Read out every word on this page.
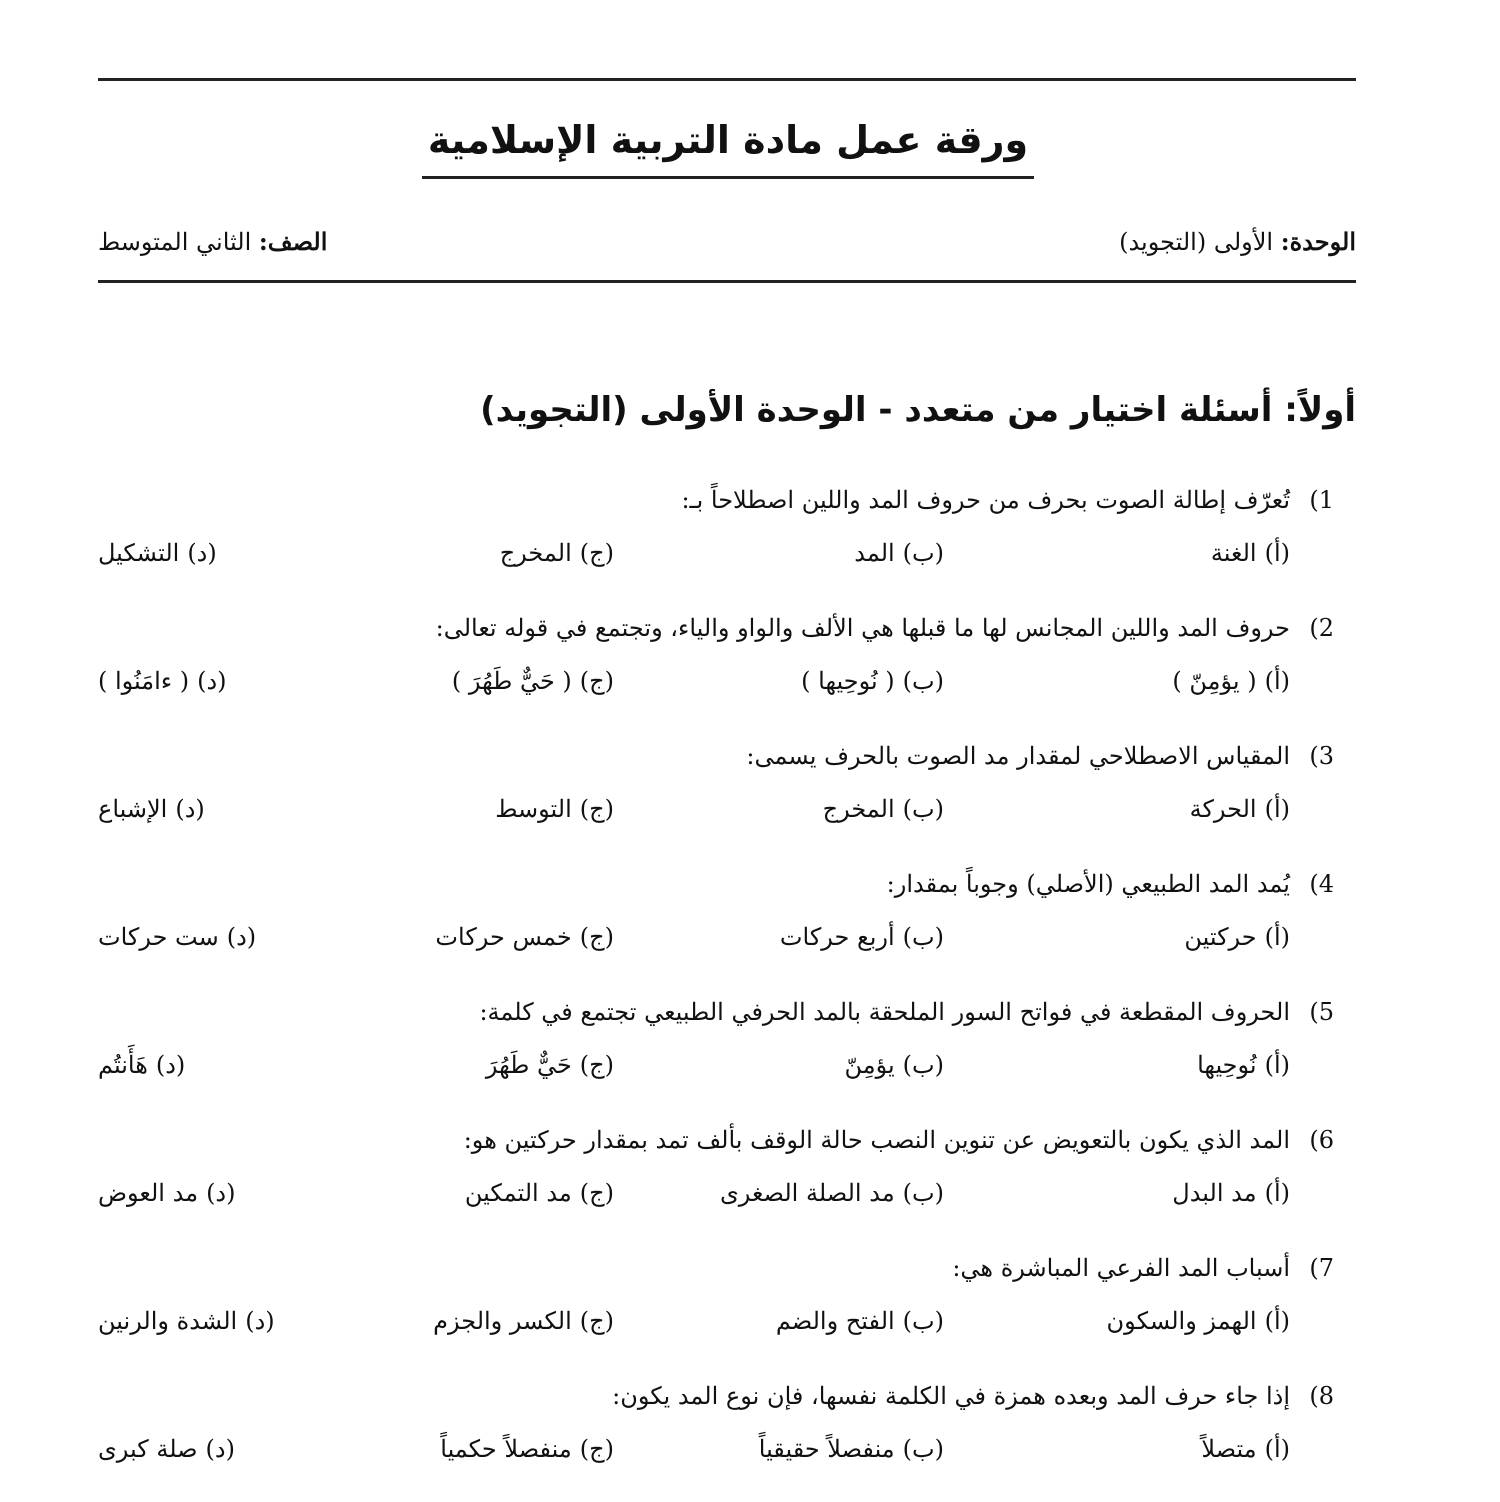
ورقة عمل مادة التربية الإسلامية
الوحدة: الأولى (التجويد)
الصف: الثاني المتوسط
أولاً: أسئلة اختيار من متعدد - الوحدة الأولى (التجويد)
1)تُعرّف إطالة الصوت بحرف من حروف المد واللين اصطلاحاً بـ:
(أ)الغنة
(ب)المد
(ج)المخرج
(د)التشكيل
2)حروف المد واللين المجانس لها ما قبلها هي الألف والواو والياء، وتجتمع في قوله تعالى:
(أ)( يؤمِنّ )
(ب)( نُوحِيها )
(ج)( حَيٌّ طَهُرَ )
(د)( ءامَنُوا )
3)المقياس الاصطلاحي لمقدار مد الصوت بالحرف يسمى:
(أ)الحركة
(ب)المخرج
(ج)التوسط
(د)الإشباع
4)يُمد المد الطبيعي (الأصلي) وجوباً بمقدار:
(أ)حركتين
(ب)أربع حركات
(ج)خمس حركات
(د)ست حركات
5)الحروف المقطعة في فواتح السور الملحقة بالمد الحرفي الطبيعي تجتمع في كلمة:
(أ)نُوحِيها
(ب)يؤمِنّ
(ج)حَيٌّ طَهُرَ
(د)هَأَنتُم
6)المد الذي يكون بالتعويض عن تنوين النصب حالة الوقف بألف تمد بمقدار حركتين هو:
(أ)مد البدل
(ب)مد الصلة الصغرى
(ج)مد التمكين
(د)مد العوض
7)أسباب المد الفرعي المباشرة هي:
(أ)الهمز والسكون
(ب)الفتح والضم
(ج)الكسر والجزم
(د)الشدة والرنين
8)إذا جاء حرف المد وبعده همزة في الكلمة نفسها، فإن نوع المد يكون:
(أ)متصلاً
(ب)منفصلاً حقيقياً
(ج)منفصلاً حكمياً
(د)صلة كبرى
